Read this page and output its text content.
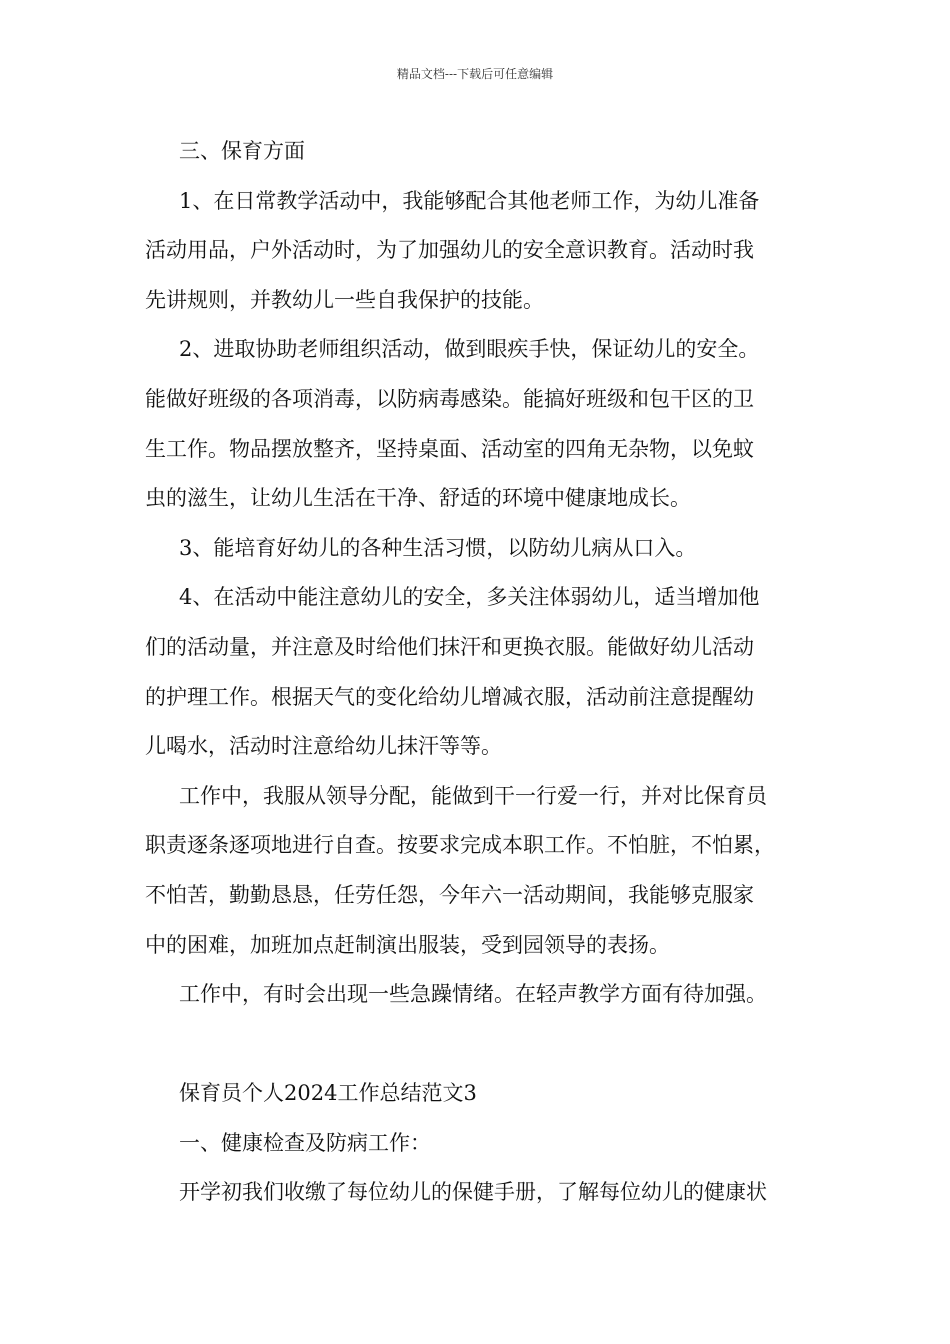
精品文档---下载后可任意编辑
三、保育方面
1、在日常教学活动中，我能够配合其他老师工作，为幼儿准备
活动用品，户外活动时，为了加强幼儿的安全意识教育。活动时我
先讲规则，并教幼儿一些自我保护的技能。
2、进取协助老师组织活动，做到眼疾手快，保证幼儿的安全。
能做好班级的各项消毒，以防病毒感染。能搞好班级和包干区的卫
生工作。物品摆放整齐，坚持桌面、活动室的四角无杂物，以免蚊
虫的滋生，让幼儿生活在干净、舒适的环境中健康地成长。
3、能培育好幼儿的各种生活习惯，以防幼儿病从口入。
4、在活动中能注意幼儿的安全，多关注体弱幼儿，适当增加他
们的活动量，并注意及时给他们抹汗和更换衣服。能做好幼儿活动
的护理工作。根据天气的变化给幼儿增减衣服，活动前注意提醒幼
儿喝水，活动时注意给幼儿抹汗等等。
工作中，我服从领导分配，能做到干一行爱一行，并对比保育员
职责逐条逐项地进行自查。按要求完成本职工作。不怕脏，不怕累，
不怕苦，勤勤恳恳，任劳任怨，今年六一活动期间，我能够克服家
中的困难，加班加点赶制演出服装，受到园领导的表扬。
工作中，有时会出现一些急躁情绪。在轻声教学方面有待加强。
保育员个人2024工作总结范文3
一、健康检查及防病工作：
开学初我们收缴了每位幼儿的保健手册，了解每位幼儿的健康状
